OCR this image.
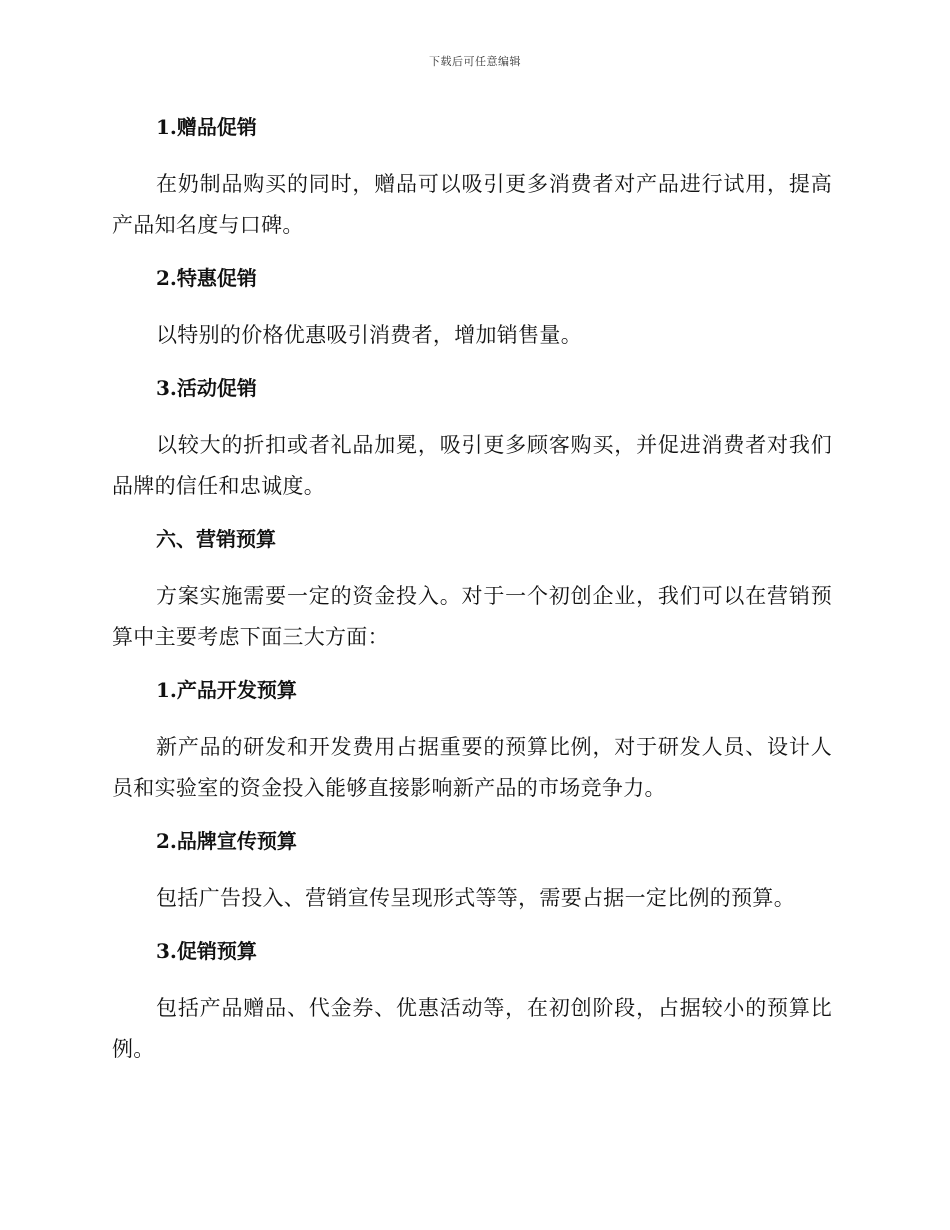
下载后可任意编辑
1.赠品促销
在奶制品购买的同时，赠品可以吸引更多消费者对产品进行试用，提高产品知名度与口碑。
2.特惠促销
以特别的价格优惠吸引消费者，增加销售量。
3.活动促销
以较大的折扣或者礼品加冕，吸引更多顾客购买，并促进消费者对我们品牌的信任和忠诚度。
六、营销预算
方案实施需要一定的资金投入。对于一个初创企业，我们可以在营销预算中主要考虑下面三大方面：
1.产品开发预算
新产品的研发和开发费用占据重要的预算比例，对于研发人员、设计人员和实验室的资金投入能够直接影响新产品的市场竞争力。
2.品牌宣传预算
包括广告投入、营销宣传呈现形式等等，需要占据一定比例的预算。
3.促销预算
包括产品赠品、代金券、优惠活动等，在初创阶段，占据较小的预算比例。
